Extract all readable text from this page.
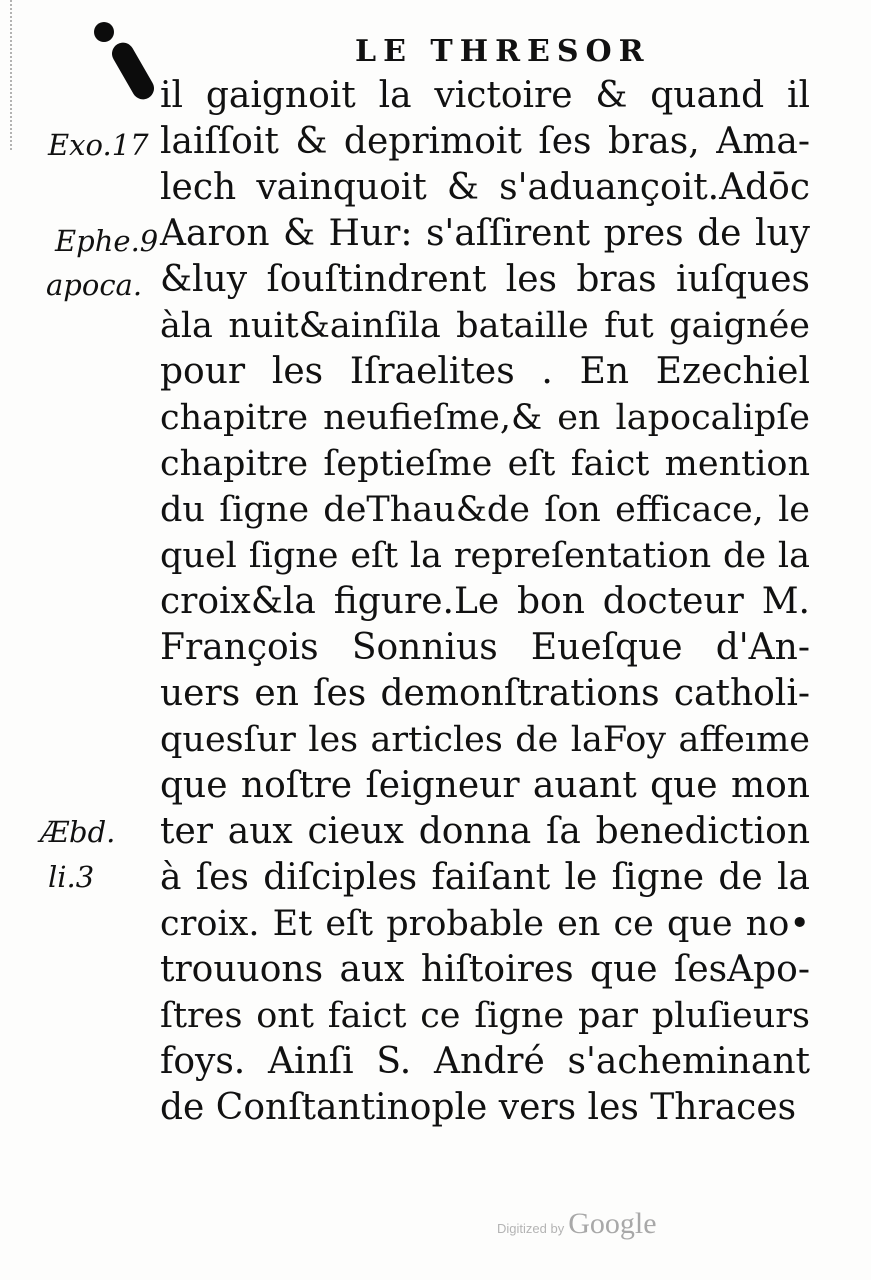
LE THRESOR
Exo.17
Ephe.9
apoca.
Æbd.
li.3
il gaignoit la victoire & quand il
laiſſoit & deprimoit ſes bras, Ama-
lech vainquoit & s'aduançoit.Adōc
Aaron & Hur: s'aſſirent pres de luy
&luy ſouſtindrent les bras iuſques
àla nuit&ainſila bataille fut gaignée
pour les Iſraelites . En Ezechiel
chapitre neufieſme,& en lapocalipſe
chapitre ſeptieſme eſt faict mention
du ſigne deThau&de ſon efficace, le
quel ſigne eſt la repreſentation de la
croix&la figure.Le bon docteur M.
François Sonnius Eueſque d'An-
uers en ſes demonſtrations catholi-
quesſur les articles de laFoy affeıme
que noſtre ſeigneur auant que mon
ter aux cieux donna ſa benediction
à ſes diſciples faiſant le ſigne de la
croix. Et eſt probable en ce que no•
trouuons aux hiſtoires que ſesApo-
ſtres ont faict ce ſigne par pluſieurs
foys. Ainſi S. André s'acheminant
de Conſtantinople vers les Thraces
Digitized by Google
